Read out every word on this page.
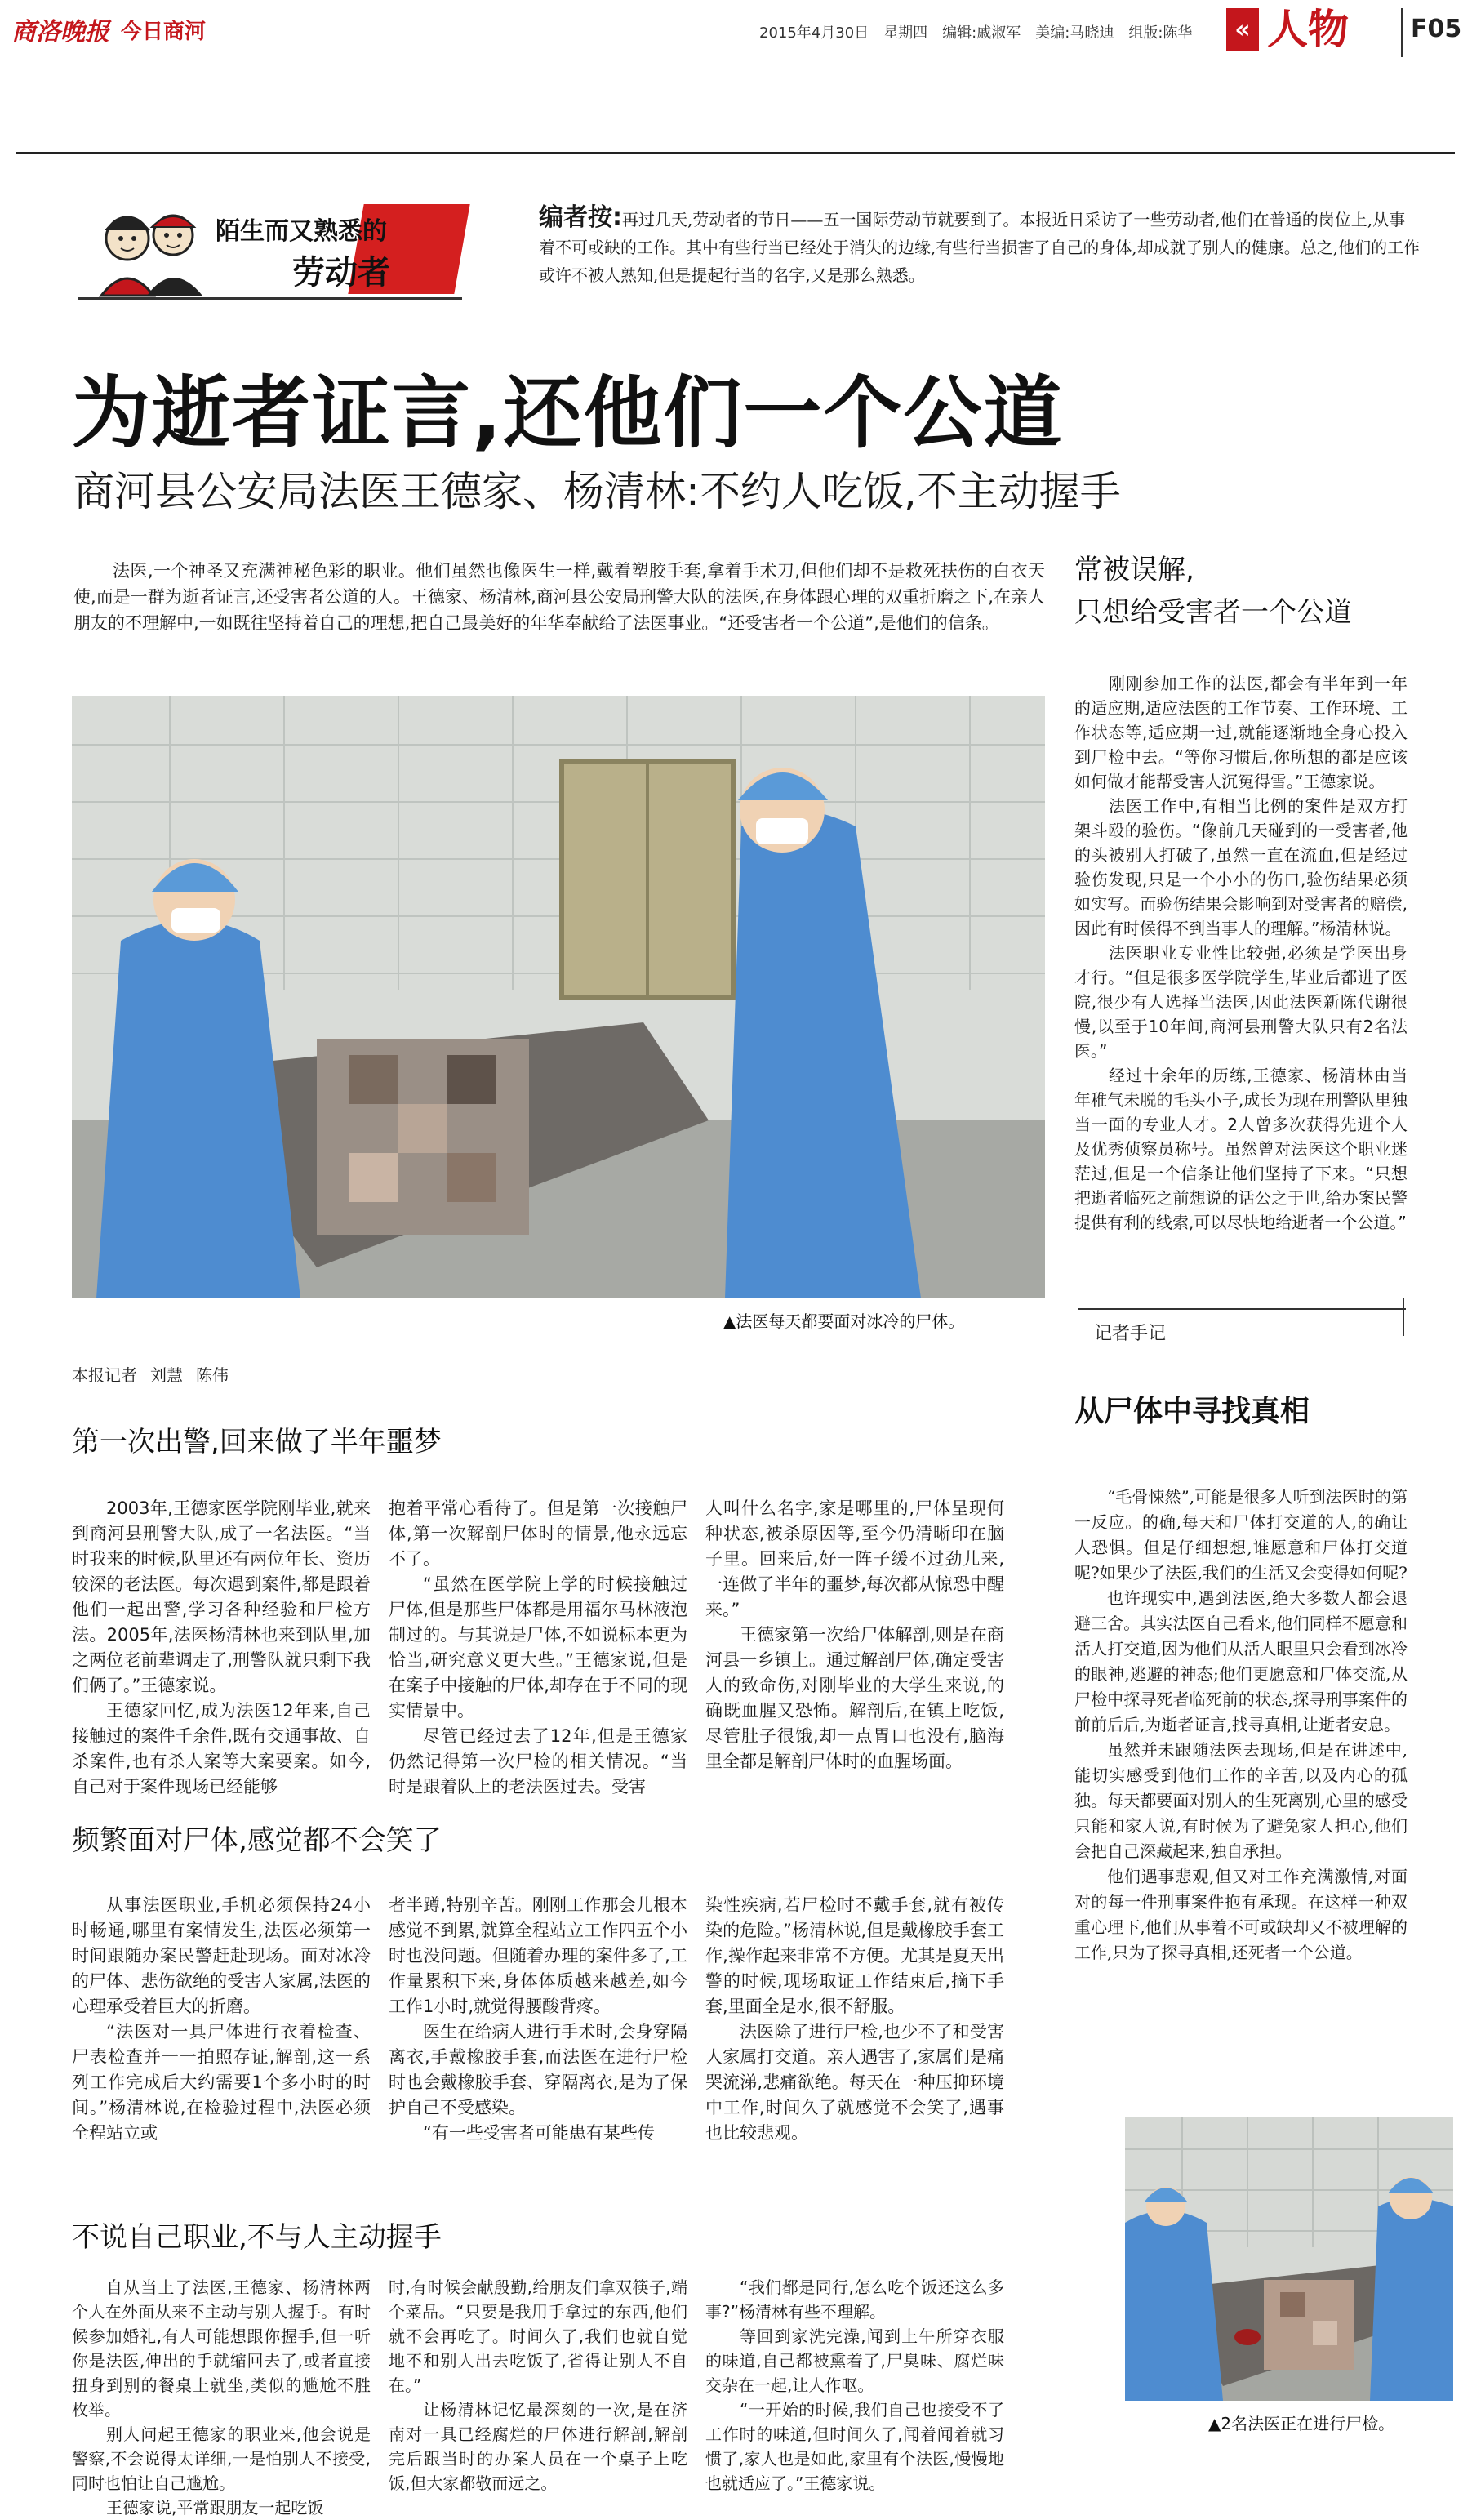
商洛晚报 今日商河	2015年4月30日 星期四 编辑:戚淑军 美编:马晓迪 组版:陈华	« 人物	F05
陌生而又熟悉的
劳动者
编者按:再过几天,劳动者的节日——五一国际劳动节就要到了。本报近日采访了一些劳动者,他们在普通的岗位上,从事着不可或缺的工作。其中有些行当已经处于消失的边缘,有些行当损害了自己的身体,却成就了别人的健康。总之,他们的工作或许不被人熟知,但是提起行当的名字,又是那么熟悉。
为逝者证言,还他们一个公道
商河县公安局法医王德家、杨清林:不约人吃饭,不主动握手
法医,一个神圣又充满神秘色彩的职业。他们虽然也像医生一样,戴着塑胶手套,拿着手术刀,但他们却不是救死扶伤的白衣天使,而是一群为逝者证言,还受害者公道的人。王德家、杨清林,商河县公安局刑警大队的法医,在身体跟心理的双重折磨之下,在亲人朋友的不理解中,一如既往坚持着自己的理想,把自己最美好的年华奉献给了法医事业。“还受害者一个公道”,是他们的信条。
▲法医每天都要面对冰冷的尸体。
本报记者 刘慧 陈伟
第一次出警,回来做了半年噩梦

2003年,王德家医学院刚毕业,就来到商河县刑警大队,成了一名法医。“当时我来的时候,队里还有两位年长、资历较深的老法医。每次遇到案件,都是跟着他们一起出警,学习各种经验和尸检方法。2005年,法医杨清林也来到队里,加之两位老前辈调走了,刑警队就只剩下我们俩了。”王德家说。

王德家回忆,成为法医12年来,自己接触过的案件千余件,既有交通事故、自杀案件,也有杀人案等大案要案。如今,自己对于案件现场已经能够

抱着平常心看待了。但是第一次接触尸体,第一次解剖尸体时的情景,他永远忘不了。

“虽然在医学院上学的时候接触过尸体,但是那些尸体都是用福尔马林液泡制过的。与其说是尸体,不如说标本更为恰当,研究意义更大些。”王德家说,但是在案子中接触的尸体,却存在于不同的现实情景中。

尽管已经过去了12年,但是王德家仍然记得第一次尸检的相关情况。“当时是跟着队上的老法医过去。受害

人叫什么名字,家是哪里的,尸体呈现何种状态,被杀原因等,至今仍清晰印在脑子里。回来后,好一阵子缓不过劲儿来,一连做了半年的噩梦,每次都从惊恐中醒来。”

王德家第一次给尸体解剖,则是在商河县一乡镇上。通过解剖尸体,确定受害人的致命伤,对刚毕业的大学生来说,的确既血腥又恐怖。解剖后,在镇上吃饭,尽管肚子很饿,却一点胃口也没有,脑海里全都是解剖尸体时的血腥场面。

频繁面对尸体,感觉都不会笑了

从事法医职业,手机必须保持24小时畅通,哪里有案情发生,法医必须第一时间跟随办案民警赶赴现场。面对冰冷的尸体、悲伤欲绝的受害人家属,法医的心理承受着巨大的折磨。

“法医对一具尸体进行衣着检查、尸表检查并一一拍照存证,解剖,这一系列工作完成后大约需要1个多小时的时间。”杨清林说,在检验过程中,法医必须全程站立或

者半蹲,特别辛苦。刚刚工作那会儿根本感觉不到累,就算全程站立工作四五个小时也没问题。但随着办理的案件多了,工作量累积下来,身体体质越来越差,如今工作1小时,就觉得腰酸背疼。

医生在给病人进行手术时,会身穿隔离衣,手戴橡胶手套,而法医在进行尸检时也会戴橡胶手套、穿隔离衣,是为了保护自己不受感染。

“有一些受害者可能患有某些传

染性疾病,若尸检时不戴手套,就有被传染的危险。”杨清林说,但是戴橡胶手套工作,操作起来非常不方便。尤其是夏天出警的时候,现场取证工作结束后,摘下手套,里面全是水,很不舒服。

法医除了进行尸检,也少不了和受害人家属打交道。亲人遇害了,家属们是痛哭流涕,悲痛欲绝。每天在一种压抑环境中工作,时间久了就感觉不会笑了,遇事也比较悲观。

不说自己职业,不与人主动握手

自从当上了法医,王德家、杨清林两个人在外面从来不主动与别人握手。有时候参加婚礼,有人可能想跟你握手,但一听你是法医,伸出的手就缩回去了,或者直接扭身到别的餐桌上就坐,类似的尴尬不胜枚举。

别人问起王德家的职业来,他会说是警察,不会说得太详细,一是怕别人不接受,同时也怕让自己尴尬。

王德家说,平常跟朋友一起吃饭

时,有时候会献殷勤,给朋友们拿双筷子,端个菜品。“只要是我用手拿过的东西,他们就不会再吃了。时间久了,我们也就自觉地不和别人出去吃饭了,省得让别人不自在。”

让杨清林记忆最深刻的一次,是在济南对一具已经腐烂的尸体进行解剖,解剖完后跟当时的办案人员在一个桌子上吃饭,但大家都敬而远之。

“我们都是同行,怎么吃个饭还这么多事?”杨清林有些不理解。

等回到家洗完澡,闻到上午所穿衣服的味道,自己都被熏着了,尸臭味、腐烂味交杂在一起,让人作呕。

“一开始的时候,我们自己也接受不了工作时的味道,但时间久了,闻着闻着就习惯了,家人也是如此,家里有个法医,慢慢地也就适应了。”王德家说。

常被误解,
只想给受害者一个公道

刚刚参加工作的法医,都会有半年到一年的适应期,适应法医的工作节奏、工作环境、工作状态等,适应期一过,就能逐渐地全身心投入到尸检中去。“等你习惯后,你所想的都是应该如何做才能帮受害人沉冤得雪。”王德家说。

法医工作中,有相当比例的案件是双方打架斗殴的验伤。“像前几天碰到的一受害者,他的头被别人打破了,虽然一直在流血,但是经过验伤发现,只是一个小小的伤口,验伤结果必须如实写。而验伤结果会影响到对受害者的赔偿,因此有时候得不到当事人的理解。”杨清林说。

法医职业专业性比较强,必须是学医出身才行。“但是很多医学院学生,毕业后都进了医院,很少有人选择当法医,因此法医新陈代谢很慢,以至于10年间,商河县刑警大队只有2名法医。”

经过十余年的历练,王德家、杨清林由当年稚气未脱的毛头小子,成长为现在刑警队里独当一面的专业人才。2人曾多次获得先进个人及优秀侦察员称号。虽然曾对法医这个职业迷茫过,但是一个信条让他们坚持了下来。“只想把逝者临死之前想说的话公之于世,给办案民警提供有利的线索,可以尽快地给逝者一个公道。”

记者手记
从尸体中寻找真相

“毛骨悚然”,可能是很多人听到法医时的第一反应。的确,每天和尸体打交道的人,的确让人恐惧。但是仔细想想,谁愿意和尸体打交道呢?如果少了法医,我们的生活又会变得如何呢?

也许现实中,遇到法医,绝大多数人都会退避三舍。其实法医自己看来,他们同样不愿意和活人打交道,因为他们从活人眼里只会看到冰冷的眼神,逃避的神态;他们更愿意和尸体交流,从尸检中探寻死者临死前的状态,探寻刑事案件的前前后后,为逝者证言,找寻真相,让逝者安息。

虽然并未跟随法医去现场,但是在讲述中,能切实感受到他们工作的辛苦,以及内心的孤独。每天都要面对别人的生死离别,心里的感受只能和家人说,有时候为了避免家人担心,他们会把自己深藏起来,独自承担。

他们遇事悲观,但又对工作充满激情,对面对的每一件刑事案件抱有承现。在这样一种双重心理下,他们从事着不可或缺却又不被理解的工作,只为了探寻真相,还死者一个公道。

▲2名法医正在进行尸检。
